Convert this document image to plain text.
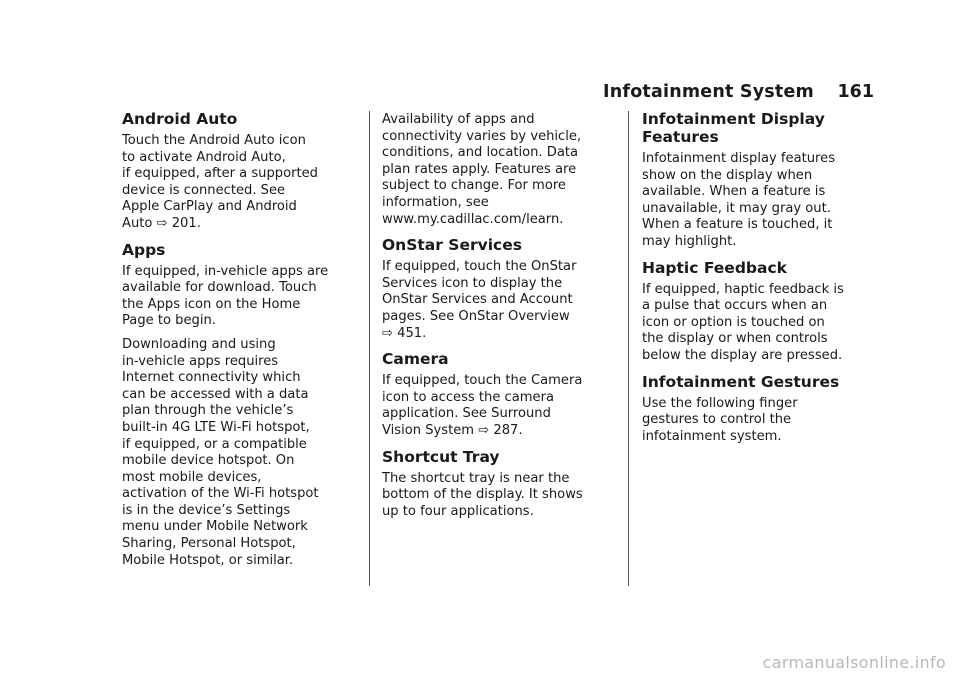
Infotainment System 161
Android Auto

Touch the Android Auto icon
to activate Android Auto,
if equipped, after a supported
device is connected. See
Apple CarPlay and Android
Auto ⇨ 201.

Apps

If equipped, in-vehicle apps are
available for download. Touch
the Apps icon on the Home
Page to begin.

Downloading and using
in-vehicle apps requires
Internet connectivity which
can be accessed with a data
plan through the vehicle’s
built-in 4G LTE Wi-Fi hotspot,
if equipped, or a compatible
mobile device hotspot. On
most mobile devices,
activation of the Wi-Fi hotspot
is in the device’s Settings
menu under Mobile Network
Sharing, Personal Hotspot,
Mobile Hotspot, or similar.

Availability of apps and
connectivity varies by vehicle,
conditions, and location. Data
plan rates apply. Features are
subject to change. For more
information, see
www.my.cadillac.com/learn.

OnStar Services

If equipped, touch the OnStar
Services icon to display the
OnStar Services and Account
pages. See OnStar Overview
⇨ 451.

Camera

If equipped, touch the Camera
icon to access the camera
application. See Surround
Vision System ⇨ 287.

Shortcut Tray

The shortcut tray is near the
bottom of the display. It shows
up to four applications.

Infotainment Display
Features

Infotainment display features
show on the display when
available. When a feature is
unavailable, it may gray out.
When a feature is touched, it
may highlight.

Haptic Feedback

If equipped, haptic feedback is
a pulse that occurs when an
icon or option is touched on
the display or when controls
below the display are pressed.

Infotainment Gestures

Use the following finger
gestures to control the
infotainment system.

carmanualsonline.info
